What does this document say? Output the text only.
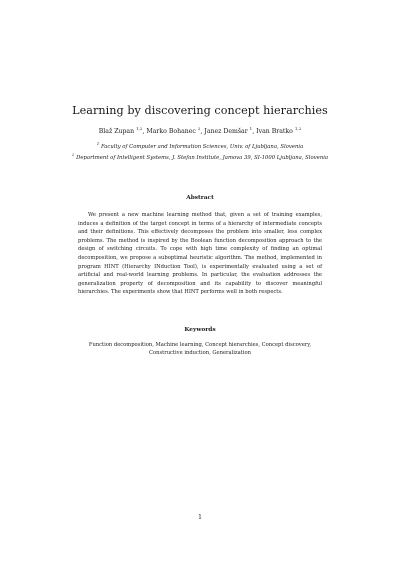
Learning by discovering concept hierarchies
Blaž Zupan $^{1,2}$, Marko Bohanec $^2$, Janez Demšar $^1$, Ivan Bratko $^{1,2}$
$^1$ Faculty of Computer and Information Sciences, Univ. of Ljubljana, Slovenia
$^2$ Department of Intelligent Systems, J. Stefan Institute, Jamova 39, SI-1000 Ljubljana, Slovenia
Abstract

We present a new machine learning method that, given a set of training examples, induces a definition of the target concept in terms of a hierarchy of intermediate concepts and their definitions. This effectively decomposes the problem into smaller, less complex problems. The method is inspired by the Boolean function decomposition approach to the design of switching circuits. To cope with high time complexity of finding an optimal decomposition, we propose a suboptimal heuristic algorithm. The method, implemented in program HINT (Hierarchy INduction Tool), is experimentally evaluated using a set of artificial and real-world learning problems. In particular, the evaluation addresses the generalization property of decomposition and its capability to discover meaningful hierarchies. The experiments show that HINT performs well in both respects.

Keywords

Function decomposition, Machine learning, Concept hierarchies, Concept discovery, Constructive induction, Generalization

1
